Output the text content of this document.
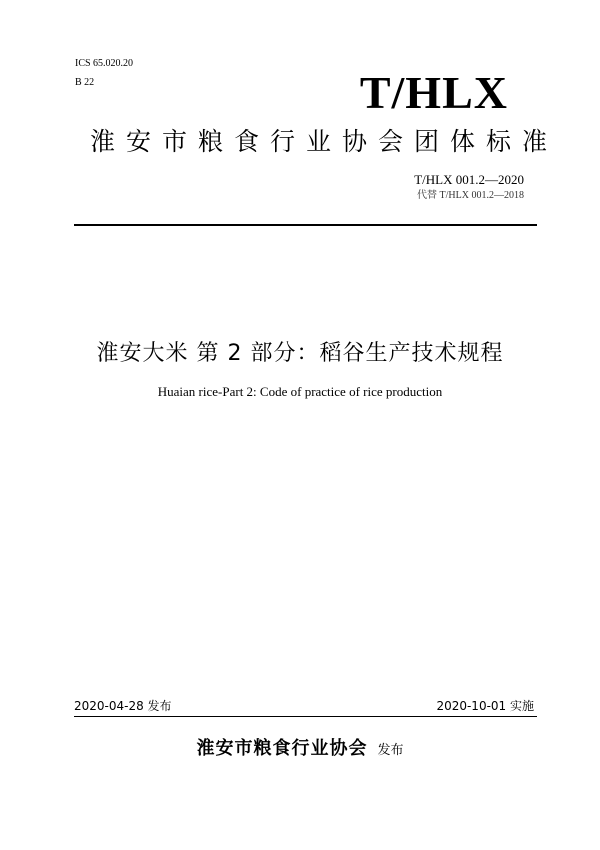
ICS 65.020.20
B 22	T/HLX
淮安市粮食行业协会团体标准
T/HLX 001.2—2020
代替 T/HLX 001.2—2018
淮安大米 第 2 部分：稻谷生产技术规程
Huaian rice-Part 2: Code of practice of rice production
2020-04-28 发布	2020-10-01 实施
淮安市粮食行业协会 发布
